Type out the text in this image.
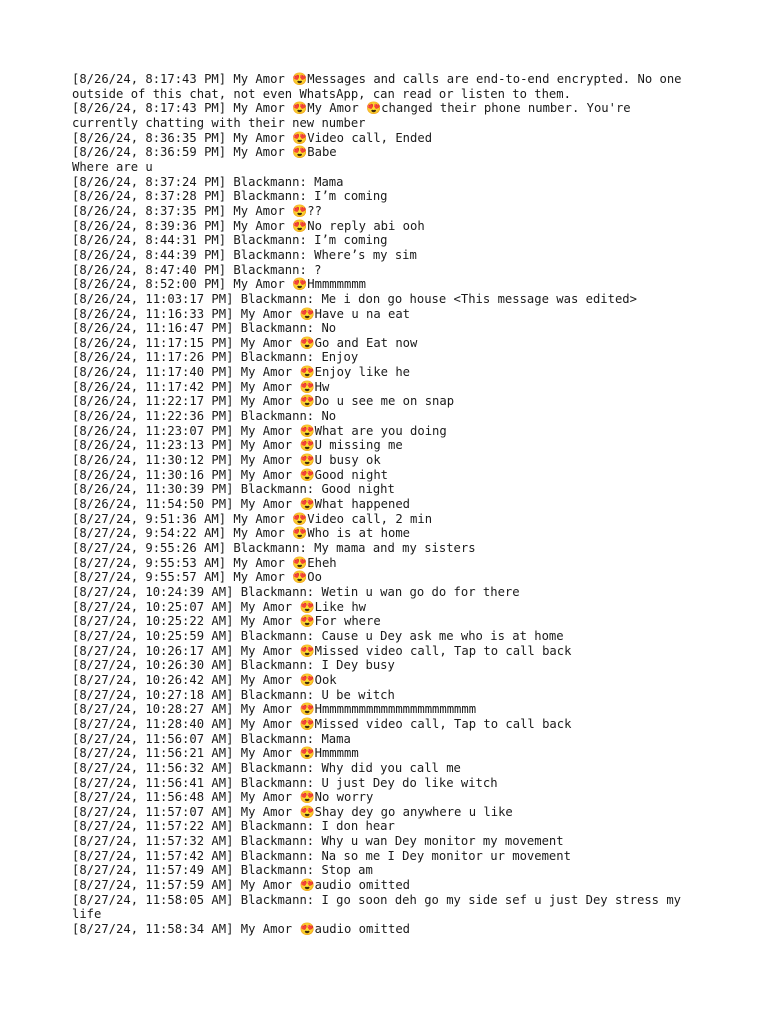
[8/26/24, 8:17:43 PM] My Amor 😍Messages and calls are end-to-end encrypted. No one outside of this chat, not even WhatsApp, can read or listen to them.
[8/26/24, 8:17:43 PM] My Amor 😍My Amor 😍changed their phone number. You're currently chatting with their new number
[8/26/24, 8:36:35 PM] My Amor 😍Video call, Ended
[8/26/24, 8:36:59 PM] My Amor 😍Babe
Where are u
[8/26/24, 8:37:24 PM] Blackmann: Mama
[8/26/24, 8:37:28 PM] Blackmann: I’m coming
[8/26/24, 8:37:35 PM] My Amor 😍??
[8/26/24, 8:39:36 PM] My Amor 😍No reply abi ooh
[8/26/24, 8:44:31 PM] Blackmann: I’m coming
[8/26/24, 8:44:39 PM] Blackmann: Where’s my sim
[8/26/24, 8:47:40 PM] Blackmann: ?
[8/26/24, 8:52:00 PM] My Amor 😍Hmmmmmmm
[8/26/24, 11:03:17 PM] Blackmann: Me i don go house <This message was edited>
[8/26/24, 11:16:33 PM] My Amor 😍Have u na eat
[8/26/24, 11:16:47 PM] Blackmann: No
[8/26/24, 11:17:15 PM] My Amor 😍Go and Eat now
[8/26/24, 11:17:26 PM] Blackmann: Enjoy
[8/26/24, 11:17:40 PM] My Amor 😍Enjoy like he
[8/26/24, 11:17:42 PM] My Amor 😍Hw
[8/26/24, 11:22:17 PM] My Amor 😍Do u see me on snap
[8/26/24, 11:22:36 PM] Blackmann: No
[8/26/24, 11:23:07 PM] My Amor 😍What are you doing
[8/26/24, 11:23:13 PM] My Amor 😍U missing me
[8/26/24, 11:30:12 PM] My Amor 😍U busy ok
[8/26/24, 11:30:16 PM] My Amor 😍Good night
[8/26/24, 11:30:39 PM] Blackmann: Good night
[8/26/24, 11:54:50 PM] My Amor 😍What happened
[8/27/24, 9:51:36 AM] My Amor 😍Video call, 2 min
[8/27/24, 9:54:22 AM] My Amor 😍Who is at home
[8/27/24, 9:55:26 AM] Blackmann: My mama and my sisters
[8/27/24, 9:55:53 AM] My Amor 😍Eheh
[8/27/24, 9:55:57 AM] My Amor 😍Oo
[8/27/24, 10:24:39 AM] Blackmann: Wetin u wan go do for there
[8/27/24, 10:25:07 AM] My Amor 😍Like hw
[8/27/24, 10:25:22 AM] My Amor 😍For where
[8/27/24, 10:25:59 AM] Blackmann: Cause u Dey ask me who is at home
[8/27/24, 10:26:17 AM] My Amor 😍Missed video call, Tap to call back
[8/27/24, 10:26:30 AM] Blackmann: I Dey busy
[8/27/24, 10:26:42 AM] My Amor 😍Ook
[8/27/24, 10:27:18 AM] Blackmann: U be witch
[8/27/24, 10:28:27 AM] My Amor 😍Hmmmmmmmmmmmmmmmmmmmmm
[8/27/24, 11:28:40 AM] My Amor 😍Missed video call, Tap to call back
[8/27/24, 11:56:07 AM] Blackmann: Mama
[8/27/24, 11:56:21 AM] My Amor 😍Hmmmmm
[8/27/24, 11:56:32 AM] Blackmann: Why did you call me
[8/27/24, 11:56:41 AM] Blackmann: U just Dey do like witch
[8/27/24, 11:56:48 AM] My Amor 😍No worry
[8/27/24, 11:57:07 AM] My Amor 😍Shay dey go anywhere u like
[8/27/24, 11:57:22 AM] Blackmann: I don hear
[8/27/24, 11:57:32 AM] Blackmann: Why u wan Dey monitor my movement
[8/27/24, 11:57:42 AM] Blackmann: Na so me I Dey monitor ur movement
[8/27/24, 11:57:49 AM] Blackmann: Stop am
[8/27/24, 11:57:59 AM] My Amor 😍audio omitted
[8/27/24, 11:58:05 AM] Blackmann: I go soon deh go my side sef u just Dey stress my life
[8/27/24, 11:58:34 AM] My Amor 😍audio omitted
